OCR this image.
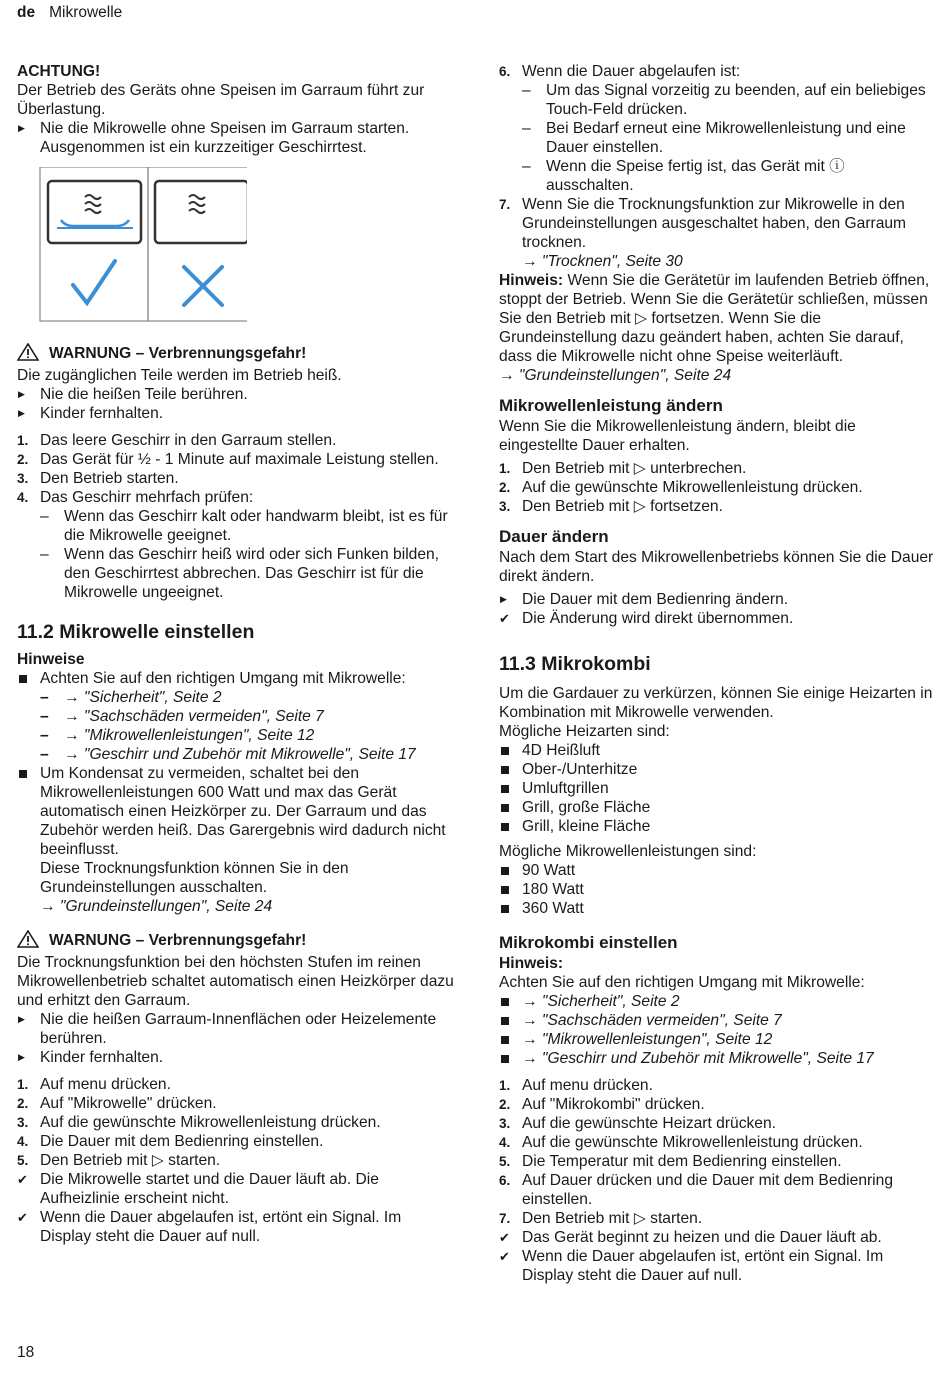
de Mikrowelle

ACHTUNG!

Der Betrieb des Geräts ohne Speisen im Garraum führt zur Überlastung.

▶ Nie die Mikrowelle ohne Speisen im Garraum starten. Ausgenommen ist ein kurzzeitiger Geschirrtest.

WARNUNG – Verbrennungsgefahr!

Die zugänglichen Teile werden im Betrieb heiß.

▶ Nie die heißen Teile berühren.
▶ Kinder fernhalten.
1. Das leere Geschirr in den Garraum stellen.
2. Das Gerät für ½ - 1 Minute auf maximale Leistung stellen.
3. Den Betrieb starten.
4. Das Geschirr mehrfach prüfen:
– Wenn das Geschirr kalt oder handwarm bleibt, ist es für die Mikrowelle geeignet.
– Wenn das Geschirr heiß wird oder sich Funken bilden, den Geschirrtest abbrechen. Das Geschirr ist für die Mikrowelle ungeeignet.

11.2 Mikrowelle einstellen

Hinweise

Achten Sie auf den richtigen Umgang mit Mikrowelle:
– → "Sicherheit", Seite 2
– → "Sachschäden vermeiden", Seite 7
– → "Mikrowellenleistungen", Seite 12
– → "Geschirr und Zubehör mit Mikrowelle", Seite 17
Um Kondensat zu vermeiden, schaltet bei den Mikrowellenleistungen 600 Watt und max das Gerät automatisch einen Heizkörper zu. Der Garraum und das Zubehör werden heiß. Das Garergebnis wird dadurch nicht beeinflusst.
Diese Trocknungsfunktion können Sie in den Grundeinstellungen ausschalten.
→ "Grundeinstellungen", Seite 24

WARNUNG – Verbrennungsgefahr!

Die Trocknungsfunktion bei den höchsten Stufen im reinen Mikrowellenbetrieb schaltet automatisch einen Heizkörper dazu und erhitzt den Garraum.

▶ Nie die heißen Garraum-Innenflächen oder Heizelemente berühren.
▶ Kinder fernhalten.
1. Auf menu drücken.
2. Auf "Mikrowelle" drücken.
3. Auf die gewünschte Mikrowellenleistung drücken.
4. Die Dauer mit dem Bedienring einstellen.
5. Den Betrieb mit ▷ starten.
✔ Die Mikrowelle startet und die Dauer läuft ab. Die Aufheizlinie erscheint nicht.
✔ Wenn die Dauer abgelaufen ist, ertönt ein Signal. Im Display steht die Dauer auf null.
6. Wenn die Dauer abgelaufen ist:
– Um das Signal vorzeitig zu beenden, auf ein beliebiges Touch-Feld drücken.
– Bei Bedarf erneut eine Mikrowellenleistung und eine Dauer einstellen.
– Wenn die Speise fertig ist, das Gerät mit ⓘ ausschalten.
7. Wenn Sie die Trocknungsfunktion zur Mikrowelle in den Grundeinstellungen ausgeschaltet haben, den Garraum trocknen.
→ "Trocknen", Seite 30

Hinweis: Wenn Sie die Gerätetür im laufenden Betrieb öffnen, stoppt der Betrieb. Wenn Sie die Gerätetür schließen, müssen Sie den Betrieb mit ▷ fortsetzen. Wenn Sie die Grundeinstellung dazu geändert haben, achten Sie darauf, dass die Mikrowelle nicht ohne Speise weiterläuft.

→ "Grundeinstellungen", Seite 24

Mikrowellenleistung ändern

Wenn Sie die Mikrowellenleistung ändern, bleibt die eingestellte Dauer erhalten.

1. Den Betrieb mit ▷ unterbrechen.
2. Auf die gewünschte Mikrowellenleistung drücken.
3. Den Betrieb mit ▷ fortsetzen.

Dauer ändern

Nach dem Start des Mikrowellenbetriebs können Sie die Dauer direkt ändern.

▶ Die Dauer mit dem Bedienring ändern.
✔ Die Änderung wird direkt übernommen.

11.3 Mikrokombi

Um die Gardauer zu verkürzen, können Sie einige Heizarten in Kombination mit Mikrowelle verwenden.

Mögliche Heizarten sind:

4D Heißluft
Ober-/Unterhitze
Umluftgrillen
Grill, große Fläche
Grill, kleine Fläche

Mögliche Mikrowellenleistungen sind:

90 Watt
180 Watt
360 Watt

Mikrokombi einstellen

Hinweis:

Achten Sie auf den richtigen Umgang mit Mikrowelle:

→ "Sicherheit", Seite 2
→ "Sachschäden vermeiden", Seite 7
→ "Mikrowellenleistungen", Seite 12
→ "Geschirr und Zubehör mit Mikrowelle", Seite 17
1. Auf menu drücken.
2. Auf "Mikrokombi" drücken.
3. Auf die gewünschte Heizart drücken.
4. Auf die gewünschte Mikrowellenleistung drücken.
5. Die Temperatur mit dem Bedienring einstellen.
6. Auf Dauer drücken und die Dauer mit dem Bedienring einstellen.
7. Den Betrieb mit ▷ starten.
✔ Das Gerät beginnt zu heizen und die Dauer läuft ab.
✔ Wenn die Dauer abgelaufen ist, ertönt ein Signal. Im Display steht die Dauer auf null.
18
